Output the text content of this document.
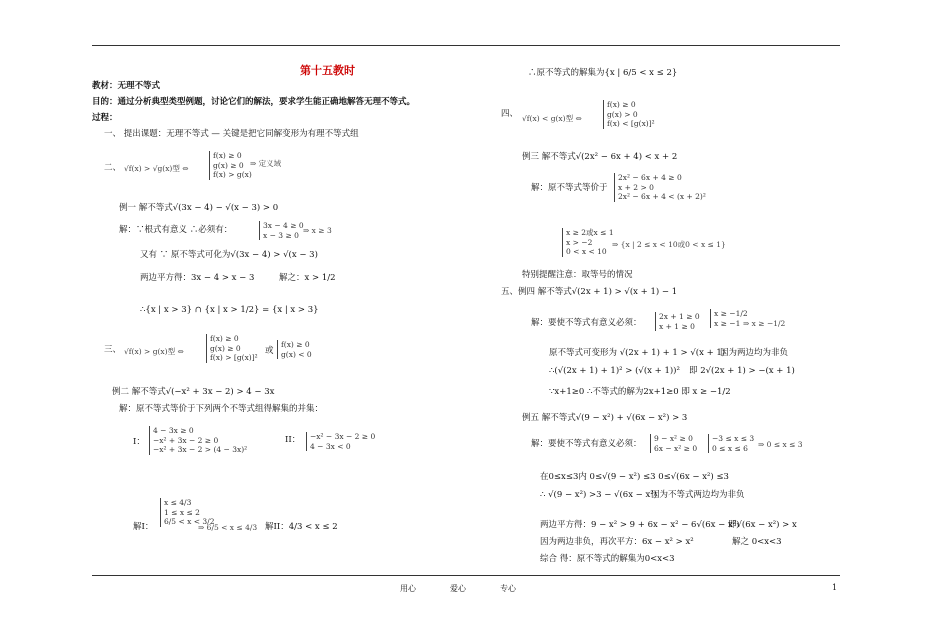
第十五教时
教材：无理不等式
目的：通过分析典型类型例题，讨论它们的解法，要求学生能正确地解答无理不等式。
过程：
一、 提出课题：无理不等式 — 关键是把它同解变形为有理不等式组
二、 √f(x) > √g(x)型 ⇔
f(x) ≥ 0
g(x) ≥ 0
f(x) > g(x)
⇒ 定义域
例一 解不等式√(3x − 4) − √(x − 3) > 0
解：∵根式有意义 ∴必须有：	3x − 4 ≥ 0
x − 3 ≥ 0 ⇒ x ≥ 3
又有 ∵ 原不等式可化为√(3x − 4) > √(x − 3)
两边平方得：3x − 4 > x − 3	解之：x > 1/2
∴{x | x > 3} ∩ {x | x > 1/2} = {x | x > 3}
三、 √f(x) > g(x)型 ⇔
f(x) ≥ 0
g(x) ≥ 0
f(x) > [g(x)]²
或
f(x) ≥ 0
g(x) < 0
例二 解不等式√(−x² + 3x − 2) > 4 − 3x
解：原不等式等价于下列两个不等式组得解集的并集：
I：
4 − 3x ≥ 0
−x² + 3x − 2 ≥ 0
−x² + 3x − 2 > (4 − 3x)²
II： −x² − 3x − 2 ≥ 0
4 − 3x < 0
解I：
x ≤ 4/3
1 ≤ x ≤ 2
6/5 < x < 3/2
⇒ 6/5 < x ≤ 4/3 解II：4/3 < x ≤ 2
∴原不等式的解集为{x | 6/5 < x ≤ 2}
四、 √f(x) < g(x)型 ⇔
f(x) ≥ 0
g(x) > 0
f(x) < [g(x)]²
例三 解不等式√(2x² − 6x + 4) < x + 2
解：原不等式等价于
2x² − 6x + 4 ≥ 0
x + 2 > 0
2x² − 6x + 4 < (x + 2)²
x ≥ 2或x ≤ 1
x > −2
0 < x < 10
⇒ {x | 2 ≤ x < 10或0 < x ≤ 1}
特别提醒注意：取等号的情况
五、例四 解不等式√(2x + 1) > √(x + 1) − 1
解：要使不等式有意义必须：
2x + 1 ≥ 0
x + 1 ≥ 0
x ≥ −1/2
x ≥ −1 ⇒ x ≥ −1/2
原不等式可变形为 √(2x + 1) + 1 > √(x + 1)
因为两边均为非负
∴(√(2x + 1) + 1)² > (√(x + 1))² 即 2√(2x + 1) > −(x + 1)
∵x+1≥0 ∴不等式的解为2x+1≥0 即 x ≥ −1/2
例五 解不等式√(9 − x²) + √(6x − x²) > 3
解：要使不等式有意义必须：
9 − x² ≥ 0
6x − x² ≥ 0
−3 ≤ x ≤ 3
0 ≤ x ≤ 6	⇒ 0 ≤ x ≤ 3
在0≤x≤3内 0≤√(9 − x²) ≤3 0≤√(6x − x²) ≤3
∴ √(9 − x²) >3 − √(6x − x²)
因为不等式两边均为非负
两边平方得：9 − x² > 9 + 6x − x² − 6√(6x − x²)
即√(6x − x²) > x
因为两边非负，再次平方：6x − x² > x²	解之 0<x<3
综合 得：原不等式的解集为0<x<3
用心	爱心	专心	1
